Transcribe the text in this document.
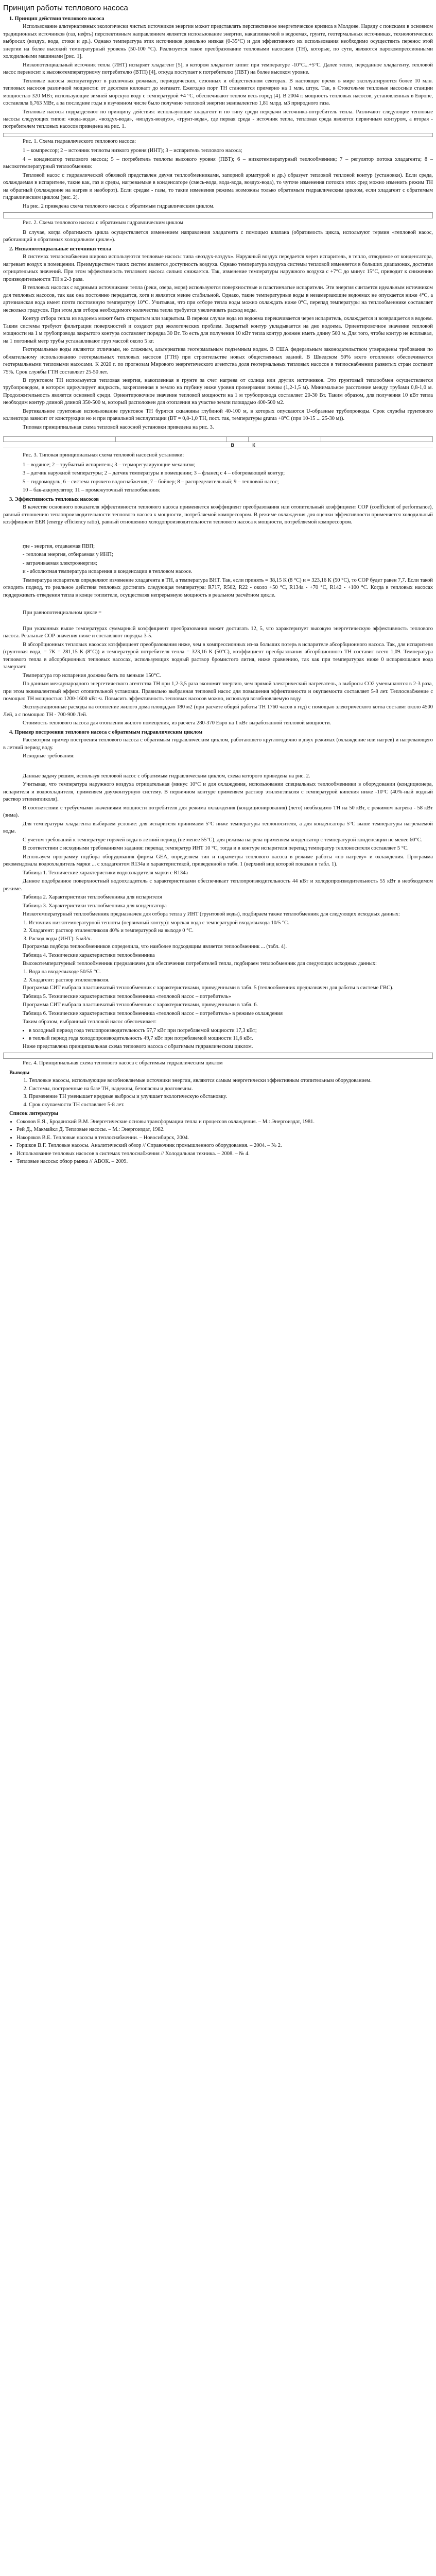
Принцип работы теплового насоса
1. Принцип действия теплового насоса

Использование альтернативных экологически чистых источников энергии может представлять перспективное энергетическое кризиса в Молдове. Наряду с поисками в основном традиционных источников (газ, нефть) перспективным направлением является использование энергии, накапливаемой в водоемах, грунте, геотермальных источниках, технологических выбросах (воздух, вода, стоки и др.). Однако температура этих источников довольно низкая (0-35°С) и для эффективного их использования необходимо осуществить перенос этой энергии на более высокий температурный уровень (50-100 °С). Реализуется такое преобразование тепловыми насосами (ТН), которые, по сути, являются парокомпрессионными холодильными машинами [рис. 1].

Низкопотенциальный источник тепла (ИНТ) испаряет хладагент [5], в котором хладагент кипит при температуре -10°С...+5°С. Далее тепло, переданное хладагенту, тепловой насос переносит к высокотемпературному потребителю (ВТП) [4], откуда поступает к потребителю (ПВТ) на более высоком уровне.

Тепловые насосы эксплуатируют в различных режимах, периодических, сезонных и общественном секторах. В настоящее время в мире эксплуатируются более 10 млн. тепловых насосов различной мощности: от десятков киловатт до мегаватт. Ежегодно порт ТН становится примерно на 1 млн. штук. Так, в Стокгольме тепловые насосные станции мощностью 320 МВт, использующие зимней морскую воду с температурой +4 °С, обеспечивают теплом весь город [4]. В 2004 г. мощность тепловых насосов, установленных в Европе, составляла 6,763 МВт, а за последние годы в изученном числе было получено тепловой энергии эквивалентно 1,81 млрд. м3 природного газа.

Тепловые насосы подразделяют по принципу действия: использующие хладагент и по типу среди передачи источника-потребитель тепла. Различают следующие тепловые насосы следующих типов: «вода-вода», «воздух-вода», «воздух-воздух», «грунт-вода», где первая среда - источник тепла, тепловая среда является первичным контуром, а вторая - потребителем тепловых насосов приведена на рис. 1.

Рис. 1. Схема гидравлического теплового насоса:

1 – компрессор; 2 – источник теплоты низкого уровня (ИНТ); 3 – испаритель теплового насоса;

4 – конденсатор теплового насоса; 5 – потребитель теплоты высокого уровня (ПВТ); 6 – низкотемпературный теплообменник; 7 – регулятор потока хладагента; 8 – высокотемпературный теплообменник

Тепловой насос с гидравлической обвязкой представлен двумя теплообменниками, запорной арматурой и др.) образует тепловой тепловой контур (установки). Если среда, охлаждаемая в испарителе, такие как, газ и среды, нагреваемые в конденсаторе (смесь-вода, вода-вода, воздух-вода), то чуточе изменения потоков этих сред можно изменить режим ТН на обратный (охлаждение на нагрев и наоборот). Если средам - газы, то такие изменения режима возможны только обратимым гидравлическим циклом, если хладагент с обратимым гидравлическим циклом [рис. 2].

На рис. 2 приведена схема теплового насоса с обратимым гидравлическим циклом.

Рис. 2. Схема теплового насоса с обратимым гидравлическим циклом

В случае, когда обратимость цикла осуществляется изменением направления хладагента с помощью клапана (обратимость цикла, используют термин «тепловой насос, работающий в обратимых холодильном цикле»).

2. Низкопотенциальные источники тепла

В системах теплоснабжения широко используются тепловые насосы типа «воздух-воздух». Наружный воздух передается через испаритель, в тепло, отводимое от конденсатора, нагревает воздух в помещении. Преимуществом таких систем является доступность воздуха. Однако температура воздуха системы тепловой изменяется в больших диапазонах, достигая отрицательных значений. При этом эффективность теплового насоса сильно снижается. Так, изменение температуры наружного воздуха с +7°С до минус 15°С, приводит к снижению производительности ТН в 2-3 раза.

В тепловых насосах с водяными источниками тепла (реки, озера, моря) используются поверхностные и пластинчатые испарители. Эти энергия считается идеальным источником для тепловых насосов, так как она постоянно передается, хотя и является менее стабильной. Однако, такие температурные воды в незамерзающие водоемах не опускается ниже 4°С, а артезианская вода имеет почти постоянную температуру 10°С. Учитывая, что при отборе тепла воды можно охлаждать ниже 0°С, перепад температуры на теплообменнике составляет несколько градусов. При этом для отбора необходимого количества тепла требуется увеличивать расход воды.

Контур отбора тепла из водоема может быть открытым или закрытым. В первом случае вода из водоема перекачивается через испаритель, охлаждается и возвращается в водоем. Таким системы требуют фильтрации поверхностей и создают ряд экологических проблем. Закрытый контур укладывается на дно водоема. Ориентировочное значение тепловой мощности на 1 м трубопровода закрытого контура составляет порядка 30 Вт. То есть для получения 10 кВт тепла контур должен иметь длину 500 м. Для того, чтобы контур не всплывал, на 1 погонный метр трубы устанавливают груз массой около 5 кг.

Геотермальные воды являются отличным, но сложным, альтернатива геотермальным подземным водам. В США федеральным законодательством утверждены требования по обязательному использованию геотермальных тепловых насосов (ГТН) при строительстве новых общественных зданий. В Шведском 50% всего отопления обеспечивается геотермальными тепловыми насосами. К 2020 г. по прогнозам Мирового энергетического агентства доля геотермальных тепловых насосов в теплоснабжении развитых стран составит 75%. Срок службы ГТН составляет 25-50 лет.

В грунтовом ТН используется тепловая энергия, накопленная в грунте за счет нагрева от солнца или других источников. Это грунтовый теплообмен осуществляется трубопроводом, в котором циркулирует жидкость, закрепленная в землю на глубину ниже уровня промерзания почвы (1,2-1,5 м). Минимальное расстояние между трубами 0,8-1,0 м. Продолжительность является основной среди. Ориентировочное значение тепловой мощности на 1 м трубопровода составляет 20-30 Вт. Таким образом, для получения 10 кВт тепла необходим контур длиной длиной 350-500 м, который расположен для отопления на участке земли площадью 400-500 м2.

Вертикальное грунтовые использование грунтовое ТН бурятся скважины глубиной 40-100 м, в которых опускаются U-образные трубопроводы. Срок службы грунтового коллектора зависит от конструкции но и при правильной эксплуатации (ВТ = 0,8-1,0 ТН, пост. так, температуры grunta +8°С (при 10-15 ... 25-30 м)).

Типовая принципиальная схема тепловой насосной установки приведена на рис. 3.

В	К

Рис. 3. Типовая принципиальная схема тепловой насосной установки:

1 – водяное; 2 – трубчатый испаритель; 3 – терморегулирующие механизм;

3 – датчик наружной температуры; 2 – датчик температуры в помещении; 3 – фланец с 4 – обогревающий контур;

5 – гидромодуль; 6 – система горячего водоснабжения; 7 – бойлер; 8 – распределительный; 9 – тепловой насос;

10 – бак-аккумулятор; 11 – промежуточный теплообменник

3. Эффективность тепловых насосов

В качестве основного показателя эффективности теплового насоса применяется коэффициент преобразования или отопительный коэффициент СОР (coefficient of performance), равный отношению теплопроизводительности теплового насоса к мощности, потребляемой компрессором. В режиме охлаждения для оценки эффективности применяется холодильный коэффициент EER (energy efficiency ratio), равный отношению холодопроизводительности теплового насоса к мощности, потребляемой компрессором.

где - энергия, отдаваемая ПВП;

- тепловая энергия, отбираемая у ИНП;

- затрачиваемая электроэнергия;

и - абсолютная температура испарения и конденсации в тепловом насосе.

Температура испарителя определяют изменение хладагента в ТН, а температура ВНТ. Так, если принять = 38,15 К (8 °С) и = 323,16 К (50 °С), то СОР будет равен 7,7. Если такой отводить подвод, то реальное действия тепловых достигать следующая температура: R717, R502, R22 - около +50 °С, R134a - +70 °С, R142 - +100 °С. Когда в тепловых насосах поддерживать отведения тепла в конце топлителе, осуществляя непрерывную мощность в реальном расчётном цикле.

При равнопотенциальном цикле =

При указанных выше температурах суммарный коэффициент преобразования может достигать 12, 5, что характеризует высокую энергетическую эффективность теплового насоса. Реальные СОР-значения ниже и составляют порядка 3-5.

В абсорбционных тепловых насосах коэффициент преобразования ниже, чем в компрессионных из-за больших потерь в испарителе абсорбционного насоса. Так, для испарителя (грунтовая вода, = 7К = 281,15 К (8°С)) и температурой потребителя тепла = 323,16 К (50°С), коэффициент преобразования абсорбционного ТН составит всего 1,09. Температура теплового тепла в абсорбционных тепловых насосах, использующих водный раствор бромистого лития, ниже сравнению, так как при температурах ниже 0 испаряющаяся вода замерзает.

Температура гор испарения должны быть по меньше 150°С.

По данным международного энергетического агентства ТН при 1,2-3,5 раза экономят энергию, чем прямой электрический нагреватель, а выбросы CO2 уменьшаются в 2-3 раза, при этом эквивалентный эффект отопительной установки. Правильно выбранная тепловой насос для повышения эффективности и окупаемости составляет 5-8 лет. Теплоснабжение с помощью ТН мощностью 1200-1600 кВт·ч. Повысить эффективность тепловых насосов можно, используя возобновляемую воду.

Эксплуатационные расходы на отопление жилого дома площадью 180 м2 (при расчете общей работы ТН 1760 часов в год) с помощью электрического котла составят около 4500 Лей, а с помощью ТН - 700-900 Лей.

Стоимость теплового насоса для отопления жилого помещения, из расчета 280-370 Евро на 1 кВт выработанной тепловой мощности.

4. Пример построения теплового насоса с обратимым гидравлическим циклом

Рассмотрим пример построения теплового насоса с обратимым гидравлическим циклом, работающего круглогодично в двух режимах (охлаждение или нагрев) и нагревающего в летний период воду.

Исходные требования:

Данные задачу решим, используя тепловой насос с обратимым гидравлическим циклом, схема которого приведена на рис. 2.

Учитывая, что температура наружного воздуха отрицательная (минус 10°С и для охлаждения, использовании специальных теплообменники в оборудовании (кондиционера, испарителя и водоохладителя, применяем двухконтурную систему. В первичном контуре применяем раствор этиленгликоля с температурой кипения ниже -10°С (40%-ный водный раствор этиленгликоля).

В соответствии с требуемыми значениями мощности потребителя для режима охлаждения (кондиционирования) (лето) необходимо ТН на 50 кВт, с режимом нагрева - 58 кВт (зима).

Для температуры хладагента выбираем условие: для испарителя принимаем 5°С ниже температуры теплоносителя, а для конденсатора 5°С выше температуры нагреваемой воды.

С учетом требований к температуре горячей воды в летний период (не менее 55°С), для режима нагрева применяем конденсатор с температурой конденсации не менее 60°С.

В соответствии с исходными требованиями задания: перепад температур ИНТ 10 °С, тогда и в контуре испарителя перепад температур теплоносителя составляет 5 °С.

Используем программу подбора оборудования фирмы GEA, определяем тип и параметры теплового насоса в режиме работы «по нагреву» и охлаждения. Программа рекомендовала водоохладитель марки ... с хладагентом R134a и характеристикой, приведенной в табл. 1 (верхний вид которой показан в табл. 1).

Таблица 1. Технические характеристики водоохладителя марки с R134a

Данное подобранное поверхностный водоохладитель с характеристиками обеспечивает теплопроизводительность 44 кВт и холодопроизводительность 55 кВт в необходимом режиме.

Таблица 2. Характеристики теплообменника для испарителя

Таблица 3. Характеристики теплообменника для конденсатора

Низкотемпературный теплообменник предназначен для отбора тепла у ИНТ (грунтовой воды), подбираем также теплообменник для следующих исходных данных:

1. Источник низкотемпературной теплоты (первичный контур): морская вода с температурой входа/выхода 10/5 °С.
2. Хладагент: раствор этиленгликоля 40% и температурой на выходе 0 °С.
3. Расход воды (ИНТ): 5 м3/ч.

Программа подбора теплообменников определила, что наиболее подходящим является теплообменник ... (табл. 4).

Таблица 4. Технические характеристики теплообменника

Высокотемпературный теплообменник предназначен для обеспечения потребителей тепла, подбираем теплообменник для следующих исходных данных:

1. Вода на входе/выходе 50/55 °С.
2. Хладагент: раствор этиленгликоля.

Программа СИТ выбрала пластинчатый теплообменник с характеристиками, приведенными в табл. 5 (теплообменник предназначен для работы в системе ГВС).

Таблица 5. Технические характеристики теплообменника «тепловой насос – потребитель»

Программа СИТ выбрала пластинчатый теплообменник с характеристиками, приведенными в табл. 6.

Таблица 6. Технические характеристики теплообменника «тепловой насос – потребитель» в режиме охлаждения

Таким образом, выбранный тепловой насос обеспечивает:

• в холодный период года теплопроизводительность 57,7 кВт при потребляемой мощности 17,3 кВт;
• в теплый период года холодопроизводительность 49,7 кВт при потребляемой мощности 11,6 кВт.

Ниже представлена принципиальная схема теплового насоса с обратимым гидравлическим циклом.

Рис. 4. Принципиальная схема теплового насоса с обратимым гидравлическим циклом

Выводы
1. Тепловые насосы, использующие возобновляемые источники энергии, являются самым энергетически эффективным отопительным оборудованием.
2. Системы, построенные на базе ТН, надежны, безопасны и долговечны.
3. Применение ТН уменьшает вредные выбросы и улучшает экологическую обстановку.
4. Срок окупаемости ТН составляет 5-8 лет.
Список литературы
• Соколов Е.Я., Бродянский В.М. Энергетические основы трансформации тепла и процессов охлаждения. – М.: Энергоиздат, 1981.
• Рей Д., Макмайкл Д. Тепловые насосы. – М.: Энергоиздат, 1982.
• Накоряков В.Е. Тепловые насосы в теплоснабжении. – Новосибирск, 2004.
• Горшков В.Г. Тепловые насосы. Аналитический обзор // Справочник промышленного оборудования. – 2004. – № 2.
• Использование тепловых насосов в системах теплоснабжения // Холодильная техника. – 2008. – № 4.
• Тепловые насосы: обзор рынка // АВОК. – 2009.
